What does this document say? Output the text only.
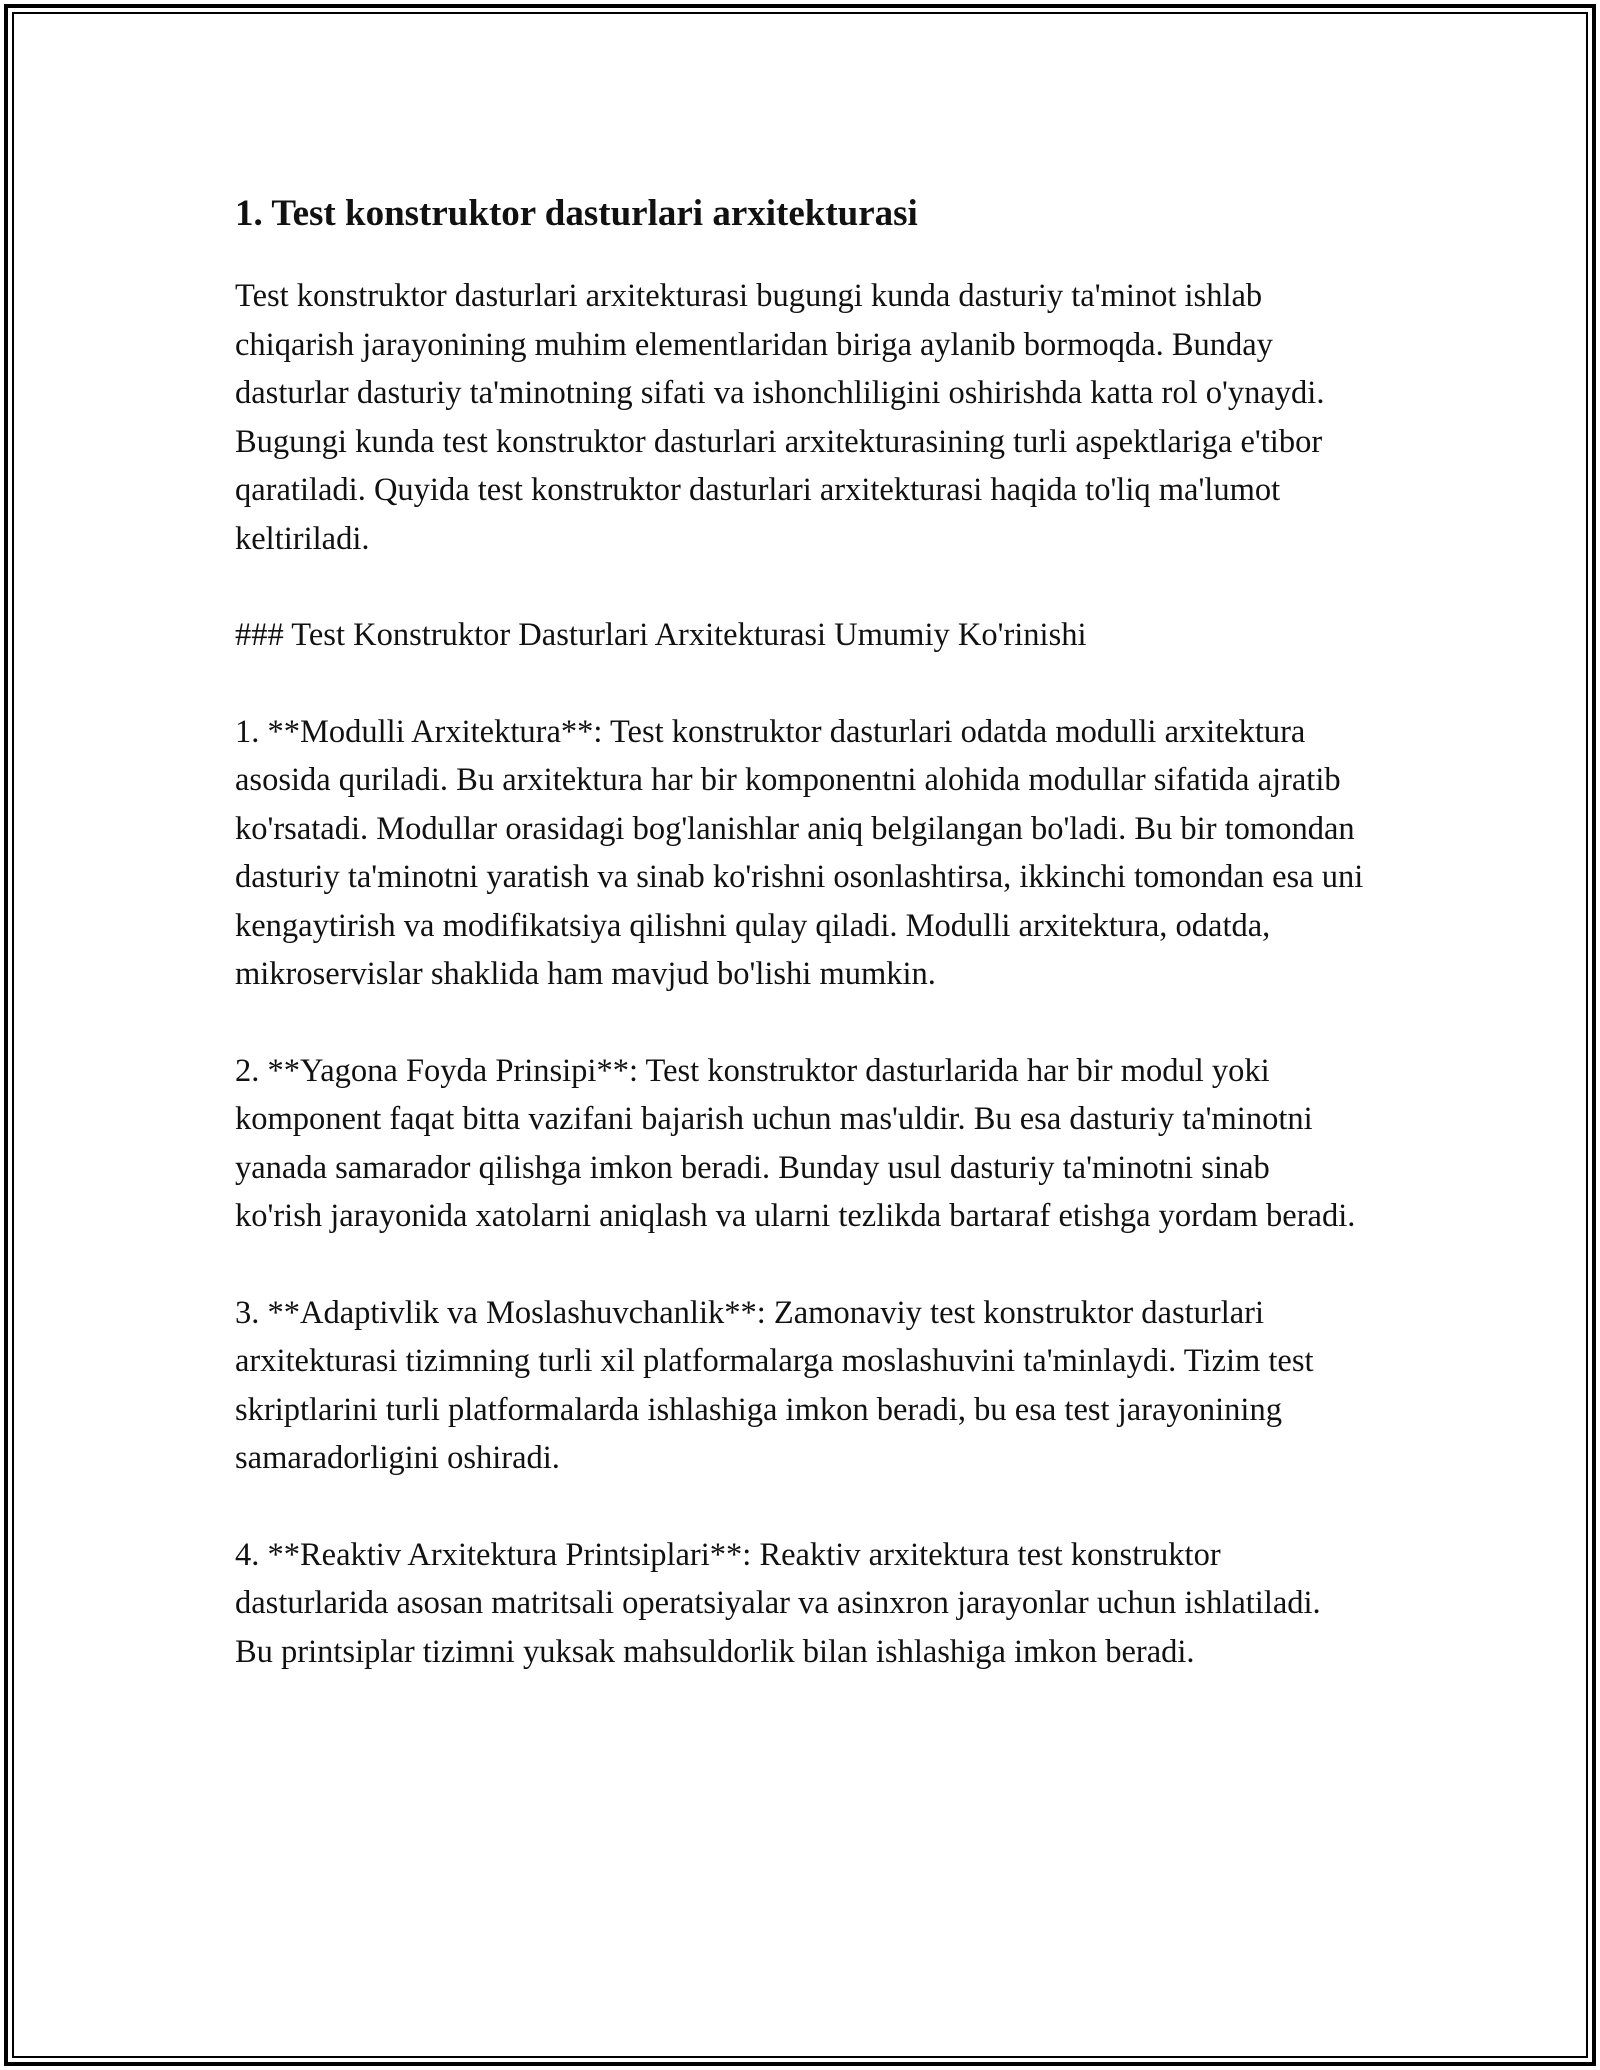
1. Test konstruktor dasturlari arxitekturasi

Test konstruktor dasturlari arxitekturasi bugungi kunda dasturiy ta'minot ishlab chiqarish jarayonining muhim elementlaridan biriga aylanib bormoqda. Bunday dasturlar dasturiy ta'minotning sifati va ishonchliligini oshirishda katta rol o'ynaydi. Bugungi kunda test konstruktor dasturlari arxitekturasining turli aspektlariga e'tibor qaratiladi. Quyida test konstruktor dasturlari arxitekturasi haqida to'liq ma'lumot keltiriladi.

### Test Konstruktor Dasturlari Arxitekturasi Umumiy Ko'rinishi

1. **Modulli Arxitektura**: Test konstruktor dasturlari odatda modulli arxitektura asosida quriladi. Bu arxitektura har bir komponentni alohida modullar sifatida ajratib ko'rsatadi. Modullar orasidagi bog'lanishlar aniq belgilangan bo'ladi. Bu bir tomondan dasturiy ta'minotni yaratish va sinab ko'rishni osonlashtirsa, ikkinchi tomondan esa uni kengaytirish va modifikatsiya qilishni qulay qiladi. Modulli arxitektura, odatda, mikroservislar shaklida ham mavjud bo'lishi mumkin.

2. **Yagona Foyda Prinsipi**: Test konstruktor dasturlarida har bir modul yoki komponent faqat bitta vazifani bajarish uchun mas'uldir. Bu esa dasturiy ta'minotni yanada samarador qilishga imkon beradi. Bunday usul dasturiy ta'minotni sinab ko'rish jarayonida xatolarni aniqlash va ularni tezlikda bartaraf etishga yordam beradi.

3. **Adaptivlik va Moslashuvchanlik**: Zamonaviy test konstruktor dasturlari arxitekturasi tizimning turli xil platformalarga moslashuvini ta'minlaydi. Tizim test skriptlarini turli platformalarda ishlashiga imkon beradi, bu esa test jarayonining samaradorligini oshiradi.

4. **Reaktiv Arxitektura Printsiplari**: Reaktiv arxitektura test konstruktor dasturlarida asosan matritsali operatsiyalar va asinxron jarayonlar uchun ishlatiladi. Bu printsiplar tizimni yuksak mahsuldorlik bilan ishlashiga imkon beradi.
